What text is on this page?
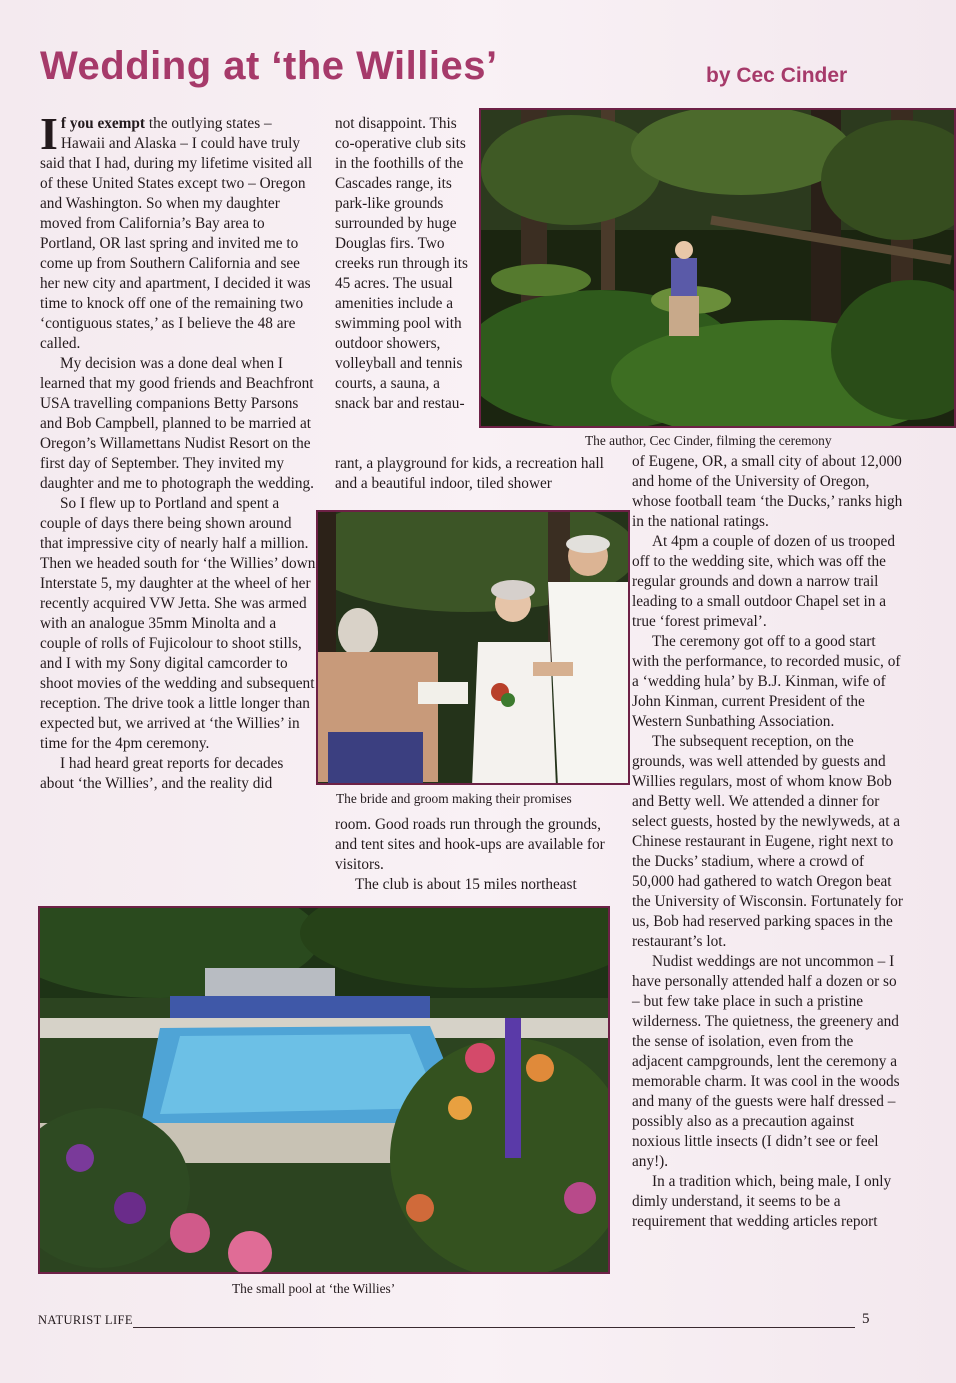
Wedding at ‘the Willies’	by Cec Cinder

If you exempt the outlying states – Hawaii and Alaska – I could have truly said that I had, during my lifetime visited all of these United States except two – Oregon and Washington. So when my daughter moved from California’s Bay area to Portland, OR last spring and invited me to come up from Southern California and see her new city and apartment, I decided it was time to knock off one of the remaining two ‘contiguous states,’ as I believe the 48 are called.

My decision was a done deal when I learned that my good friends and Beachfront USA travelling companions Betty Parsons and Bob Campbell, planned to be married at Oregon’s Willamettans Nudist Resort on the first day of September. They invited my daughter and me to photograph the wedding.

So I flew up to Portland and spent a couple of days there being shown around that impressive city of nearly half a million. Then we headed south for ‘the Willies’ down Interstate 5, my daughter at the wheel of her recently acquired VW Jetta. She was armed with an analogue 35mm Minolta and a couple of rolls of Fujicolour to shoot stills, and I with my Sony digital camcorder to shoot movies of the wedding and subsequent reception. The drive took a little longer than expected but, we arrived at ‘the Willies’ in time for the 4pm ceremony.

I had heard great reports for decades about ‘the Willies’, and the reality did

not disappoint. This co-operative club sits in the foothills of the Cascades range, its park-like grounds surrounded by huge Douglas firs. Two creeks run through its 45 acres. The usual amenities include a swimming pool with outdoor showers, volleyball and tennis courts, a sauna, a snack bar and restau-

rant, a playground for kids, a recreation hall and a beautiful indoor, tiled shower

room. Good roads run through the grounds, and tent sites and hook-ups are available for visitors.

The club is about 15 miles northeast

of Eugene, OR, a small city of about 12,000 and home of the University of Oregon, whose football team ‘the Ducks,’ ranks high in the national ratings.

At 4pm a couple of dozen of us trooped off to the wedding site, which was off the regular grounds and down a narrow trail leading to a small outdoor Chapel set in a true ‘forest primeval’.

The ceremony got off to a good start with the performance, to recorded music, of a ‘wedding hula’ by B.J. Kinman, wife of John Kinman, current President of the Western Sunbathing Association.

The subsequent reception, on the grounds, was well attended by guests and Willies regulars, most of whom know Bob and Betty well. We attended a dinner for select guests, hosted by the newlyweds, at a Chinese restaurant in Eugene, right next to the Ducks’ stadium, where a crowd of 50,000 had gathered to watch Oregon beat the University of Wisconsin. Fortunately for us, Bob had reserved parking spaces in the restaurant’s lot.

Nudist weddings are not uncommon – I have personally attended half a dozen or so – but few take place in such a pristine wilderness. The quietness, the greenery and the sense of isolation, even from the adjacent campgrounds, lent the ceremony a memorable charm. It was cool in the woods and many of the guests were half dressed – possibly also as a precaution against noxious little insects (I didn’t see or feel any!).

In a tradition which, being male, I only dimly understand, it seems to be a requirement that wedding articles report

The author, Cec Cinder, filming the ceremony
The bride and groom making their promises
The small pool at ‘the Willies’
NATURIST LIFE	5
